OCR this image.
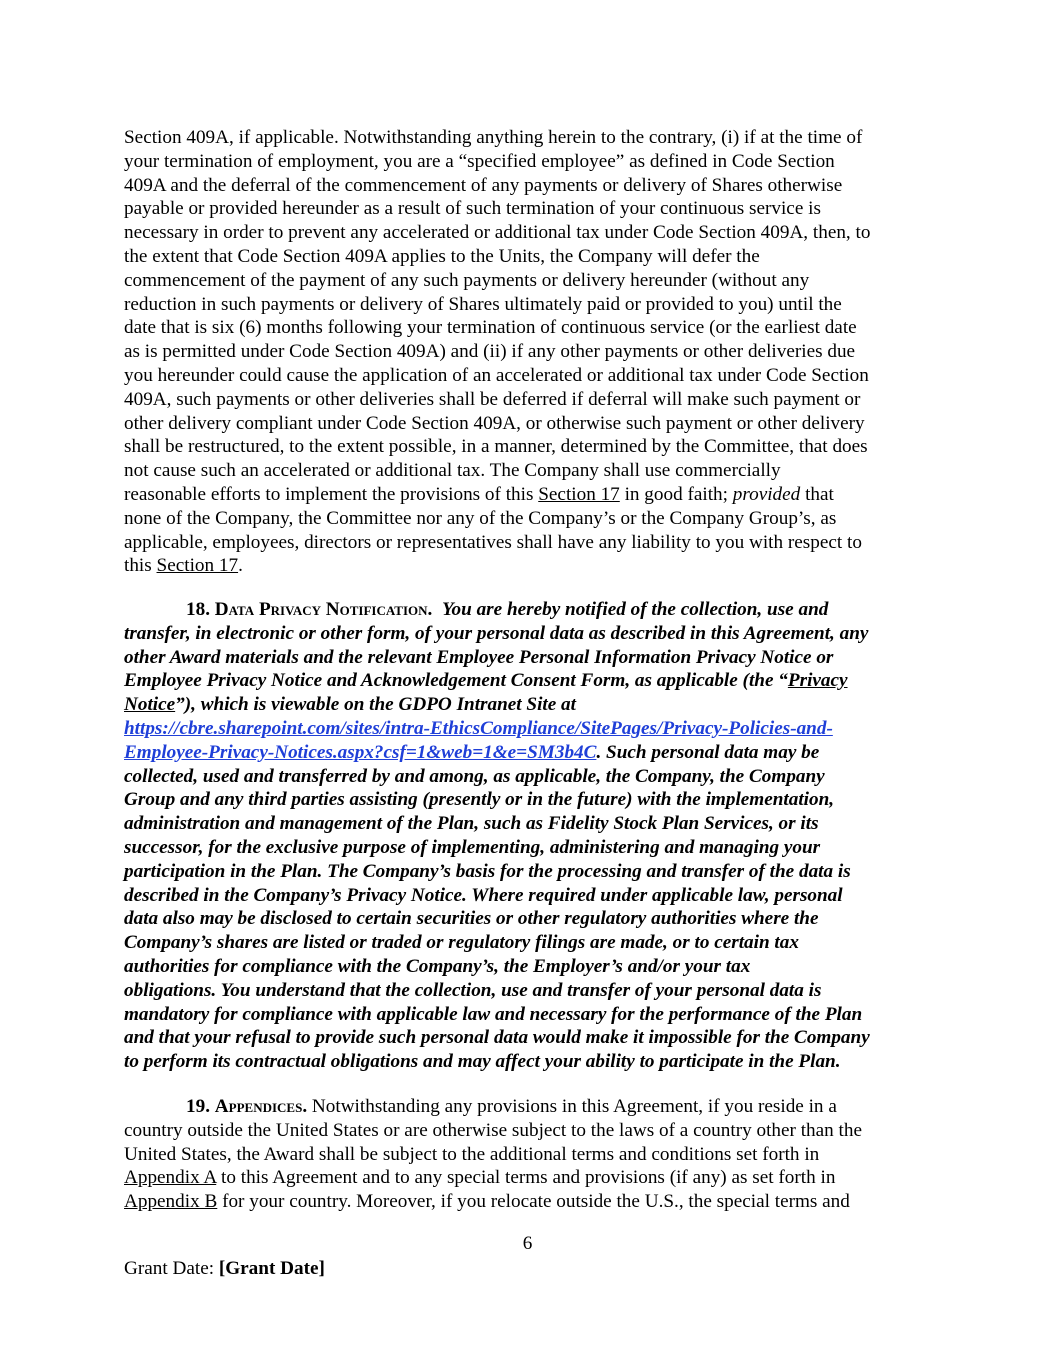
Section 409A, if applicable. Notwithstanding anything herein to the contrary, (i) if at the time of
your termination of employment, you are a “specified employee” as defined in Code Section
409A and the deferral of the commencement of any payments or delivery of Shares otherwise
payable or provided hereunder as a result of such termination of your continuous service is
necessary in order to prevent any accelerated or additional tax under Code Section 409A, then, to
the extent that Code Section 409A applies to the Units, the Company will defer the
commencement of the payment of any such payments or delivery hereunder (without any
reduction in such payments or delivery of Shares ultimately paid or provided to you) until the
date that is six (6) months following your termination of continuous service (or the earliest date
as is permitted under Code Section 409A) and (ii) if any other payments or other deliveries due
you hereunder could cause the application of an accelerated or additional tax under Code Section
409A, such payments or other deliveries shall be deferred if deferral will make such payment or
other delivery compliant under Code Section 409A, or otherwise such payment or other delivery
shall be restructured, to the extent possible, in a manner, determined by the Committee, that does
not cause such an accelerated or additional tax. The Company shall use commercially
reasonable efforts to implement the provisions of this Section 17 in good faith; provided that
none of the Company, the Committee nor any of the Company’s or the Company Group’s, as
applicable, employees, directors or representatives shall have any liability to you with respect to
this Section 17.
18. Data Privacy Notification. You are hereby notified of the collection, use and
transfer, in electronic or other form, of your personal data as described in this Agreement, any
other Award materials and the relevant Employee Personal Information Privacy Notice or
Employee Privacy Notice and Acknowledgement Consent Form, as applicable (the “Privacy
Notice”), which is viewable on the GDPO Intranet Site at
https://cbre.sharepoint.com/sites/intra-EthicsCompliance/SitePages/Privacy-Policies-and-
Employee-Privacy-Notices.aspx?csf=1&web=1&e=SM3b4C. Such personal data may be
collected, used and transferred by and among, as applicable, the Company, the Company
Group and any third parties assisting (presently or in the future) with the implementation,
administration and management of the Plan, such as Fidelity Stock Plan Services, or its
successor, for the exclusive purpose of implementing, administering and managing your
participation in the Plan. The Company’s basis for the processing and transfer of the data is
described in the Company’s Privacy Notice. Where required under applicable law, personal
data also may be disclosed to certain securities or other regulatory authorities where the
Company’s shares are listed or traded or regulatory filings are made, or to certain tax
authorities for compliance with the Company’s, the Employer’s and/or your tax
obligations. You understand that the collection, use and transfer of your personal data is
mandatory for compliance with applicable law and necessary for the performance of the Plan
and that your refusal to provide such personal data would make it impossible for the Company
to perform its contractual obligations and may affect your ability to participate in the Plan.
19. Appendices. Notwithstanding any provisions in this Agreement, if you reside in a
country outside the United States or are otherwise subject to the laws of a country other than the
United States, the Award shall be subject to the additional terms and conditions set forth in
Appendix A to this Agreement and to any special terms and provisions (if any) as set forth in
Appendix B for your country. Moreover, if you relocate outside the U.S., the special terms and
6
Grant Date: [Grant Date]
